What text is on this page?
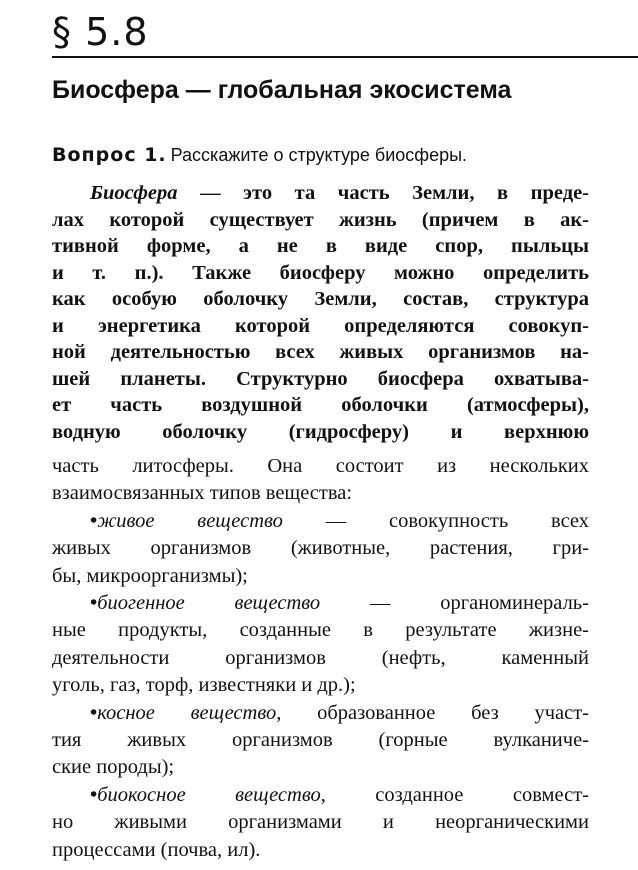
§ 5.8
Биосфера — глобальная экосистема
Вопрос 1. Расскажите о структуре биосферы.
Биосфера — это та часть Земли, в преде-
лах которой существует жизнь (причем в ак-
тивной форме, а не в виде спор, пыльцы
и т. п.). Также биосферу можно определить
как особую оболочку Земли, состав, структура
и энергетика которой определяются совокуп-
ной деятельностью всех живых организмов на-
шей планеты. Структурно биосфера охватыва-
ет часть воздушной оболочки (атмосферы),
водную оболочку (гидросферу) и верхнюю
часть литосферы. Она состоит из нескольких
взаимосвязанных типов вещества:
•живое вещество — совокупность всех
живых организмов (животные, растения, гри-
бы, микроорганизмы);
•биогенное вещество — органоминераль-
ные продукты, созданные в результате жизне-
деятельности организмов (нефть, каменный
уголь, газ, торф, известняки и др.);
•косное вещество, образованное без участ-
тия живых организмов (горные вулканиче-
ские породы);
•биокосное вещество, созданное совмест-
но живыми организмами и неорганическими
процессами (почва, ил).
